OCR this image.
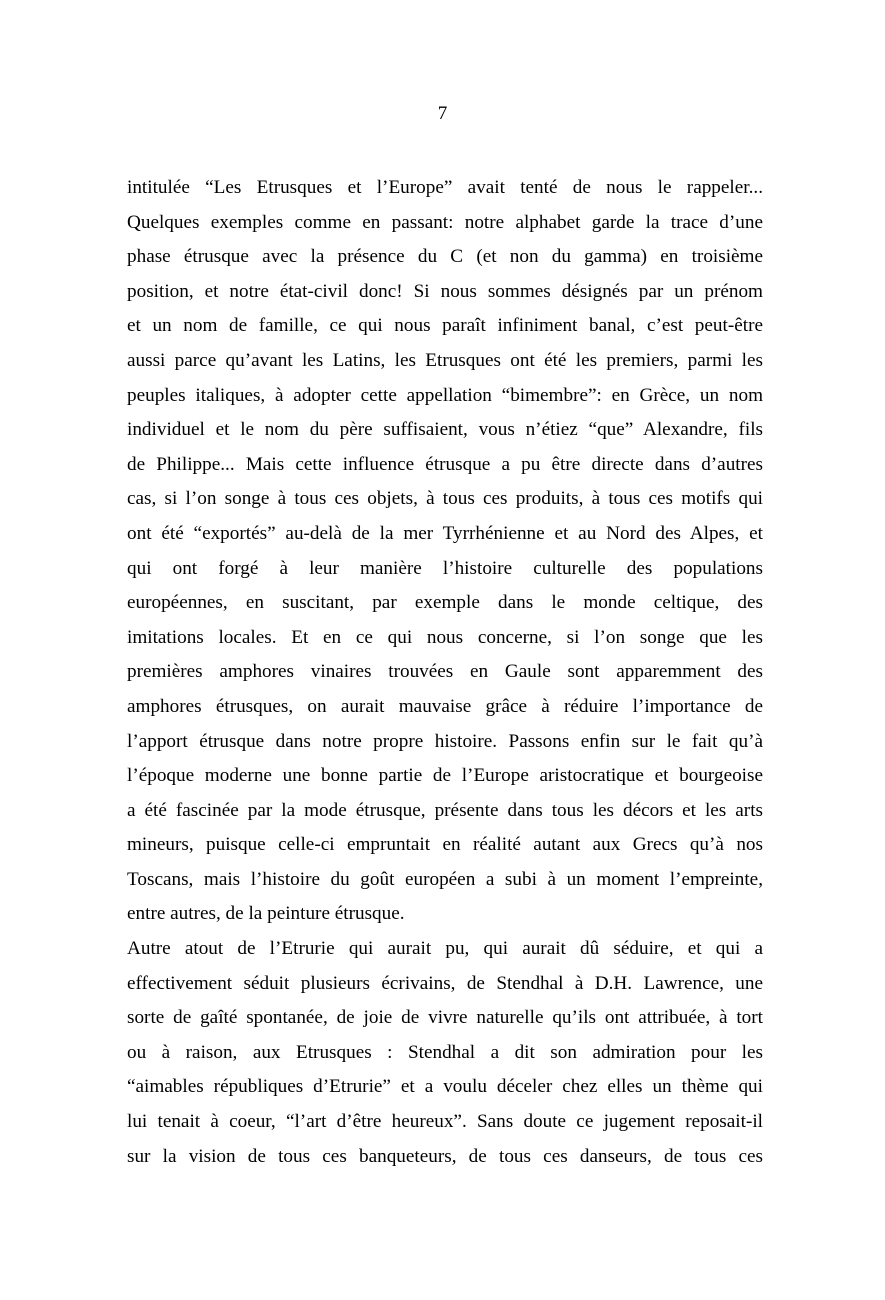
7
intitulée “Les Etrusques et l’Europe” avait tenté de nous le rappeler...
Quelques exemples comme en passant: notre alphabet garde la trace d’une
phase étrusque avec la présence du C (et non du gamma) en troisième
position, et notre état-civil donc! Si nous sommes désignés par un prénom
et un nom de famille, ce qui nous paraît infiniment banal, c’est peut-être
aussi parce qu’avant les Latins, les Etrusques ont été les premiers, parmi les
peuples italiques, à adopter cette appellation “bimembre”: en Grèce, un nom
individuel et le nom du père suffisaient, vous n’étiez “que” Alexandre, fils
de Philippe... Mais cette influence étrusque a pu être directe dans d’autres
cas, si l’on songe à tous ces objets, à tous ces produits, à tous ces motifs qui
ont été “exportés” au-delà de la mer Tyrrhénienne et au Nord des Alpes, et
qui ont forgé à leur manière l’histoire culturelle des populations
européennes, en suscitant, par exemple dans le monde celtique, des
imitations locales. Et en ce qui nous concerne, si l’on songe que les
premières amphores vinaires trouvées en Gaule sont apparemment des
amphores étrusques, on aurait mauvaise grâce à réduire l’importance de
l’apport étrusque dans notre propre histoire. Passons enfin sur le fait qu’à
l’époque moderne une bonne partie de l’Europe aristocratique et bourgeoise
a été fascinée par la mode étrusque, présente dans tous les décors et les arts
mineurs, puisque celle-ci empruntait en réalité autant aux Grecs qu’à nos
Toscans, mais l’histoire du goût européen a subi à un moment l’empreinte,
entre autres, de la peinture étrusque.
Autre atout de l’Etrurie qui aurait pu, qui aurait dû séduire, et qui a
effectivement séduit plusieurs écrivains, de Stendhal à D.H. Lawrence, une
sorte de gaîté spontanée, de joie de vivre naturelle qu’ils ont attribuée, à tort
ou à raison, aux Etrusques : Stendhal a dit son admiration pour les
“aimables républiques d’Etrurie” et a voulu déceler chez elles un thème qui
lui tenait à coeur, “l’art d’être heureux”. Sans doute ce jugement reposait-il
sur la vision de tous ces banqueteurs, de tous ces danseurs, de tous ces
